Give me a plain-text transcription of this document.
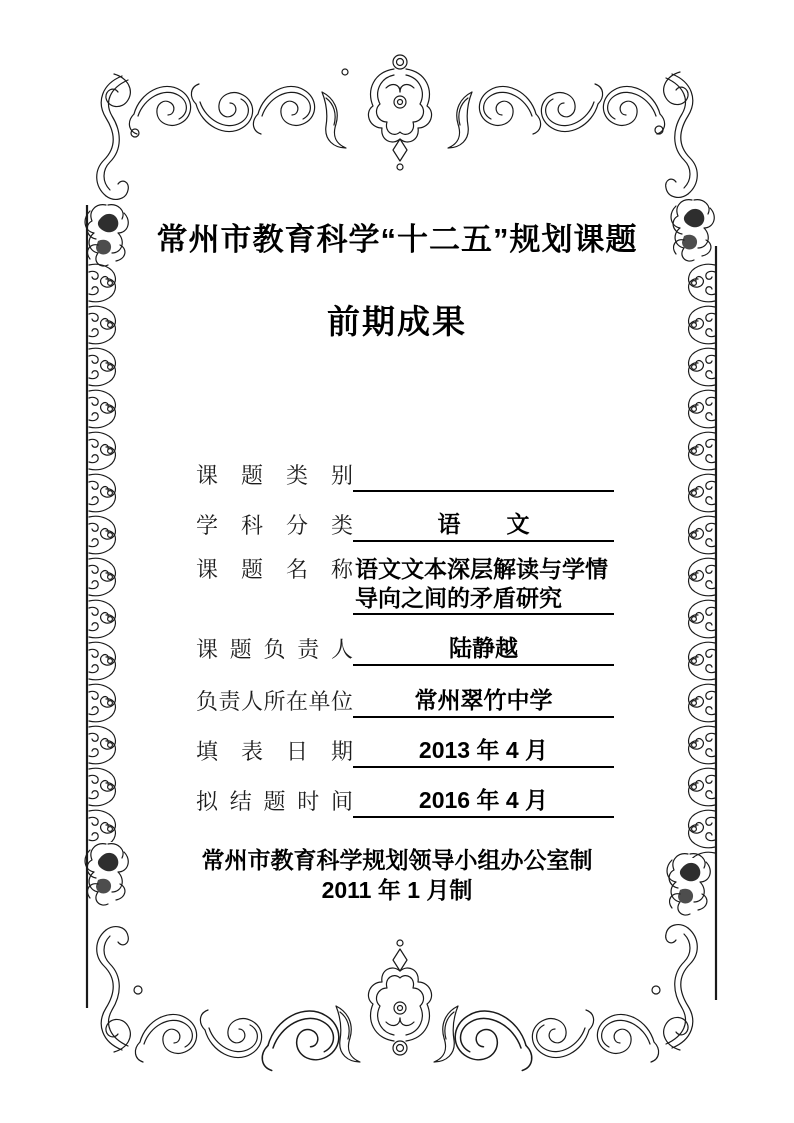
常州市教育科学“十二五”规划课题
前期成果
课 题 类 别
学 科 分 类	语　　文
课 题 名 称 语文文本深层解读与学情导向之间的矛盾研究
课 题 负 责 人	陆静越
负责人所在单位	常州翠竹中学
填 表 日 期	2013 年 4 月
拟 结 题 时 间	2016 年 4 月
常州市教育科学规划领导小组办公室制
2011 年 1 月制
